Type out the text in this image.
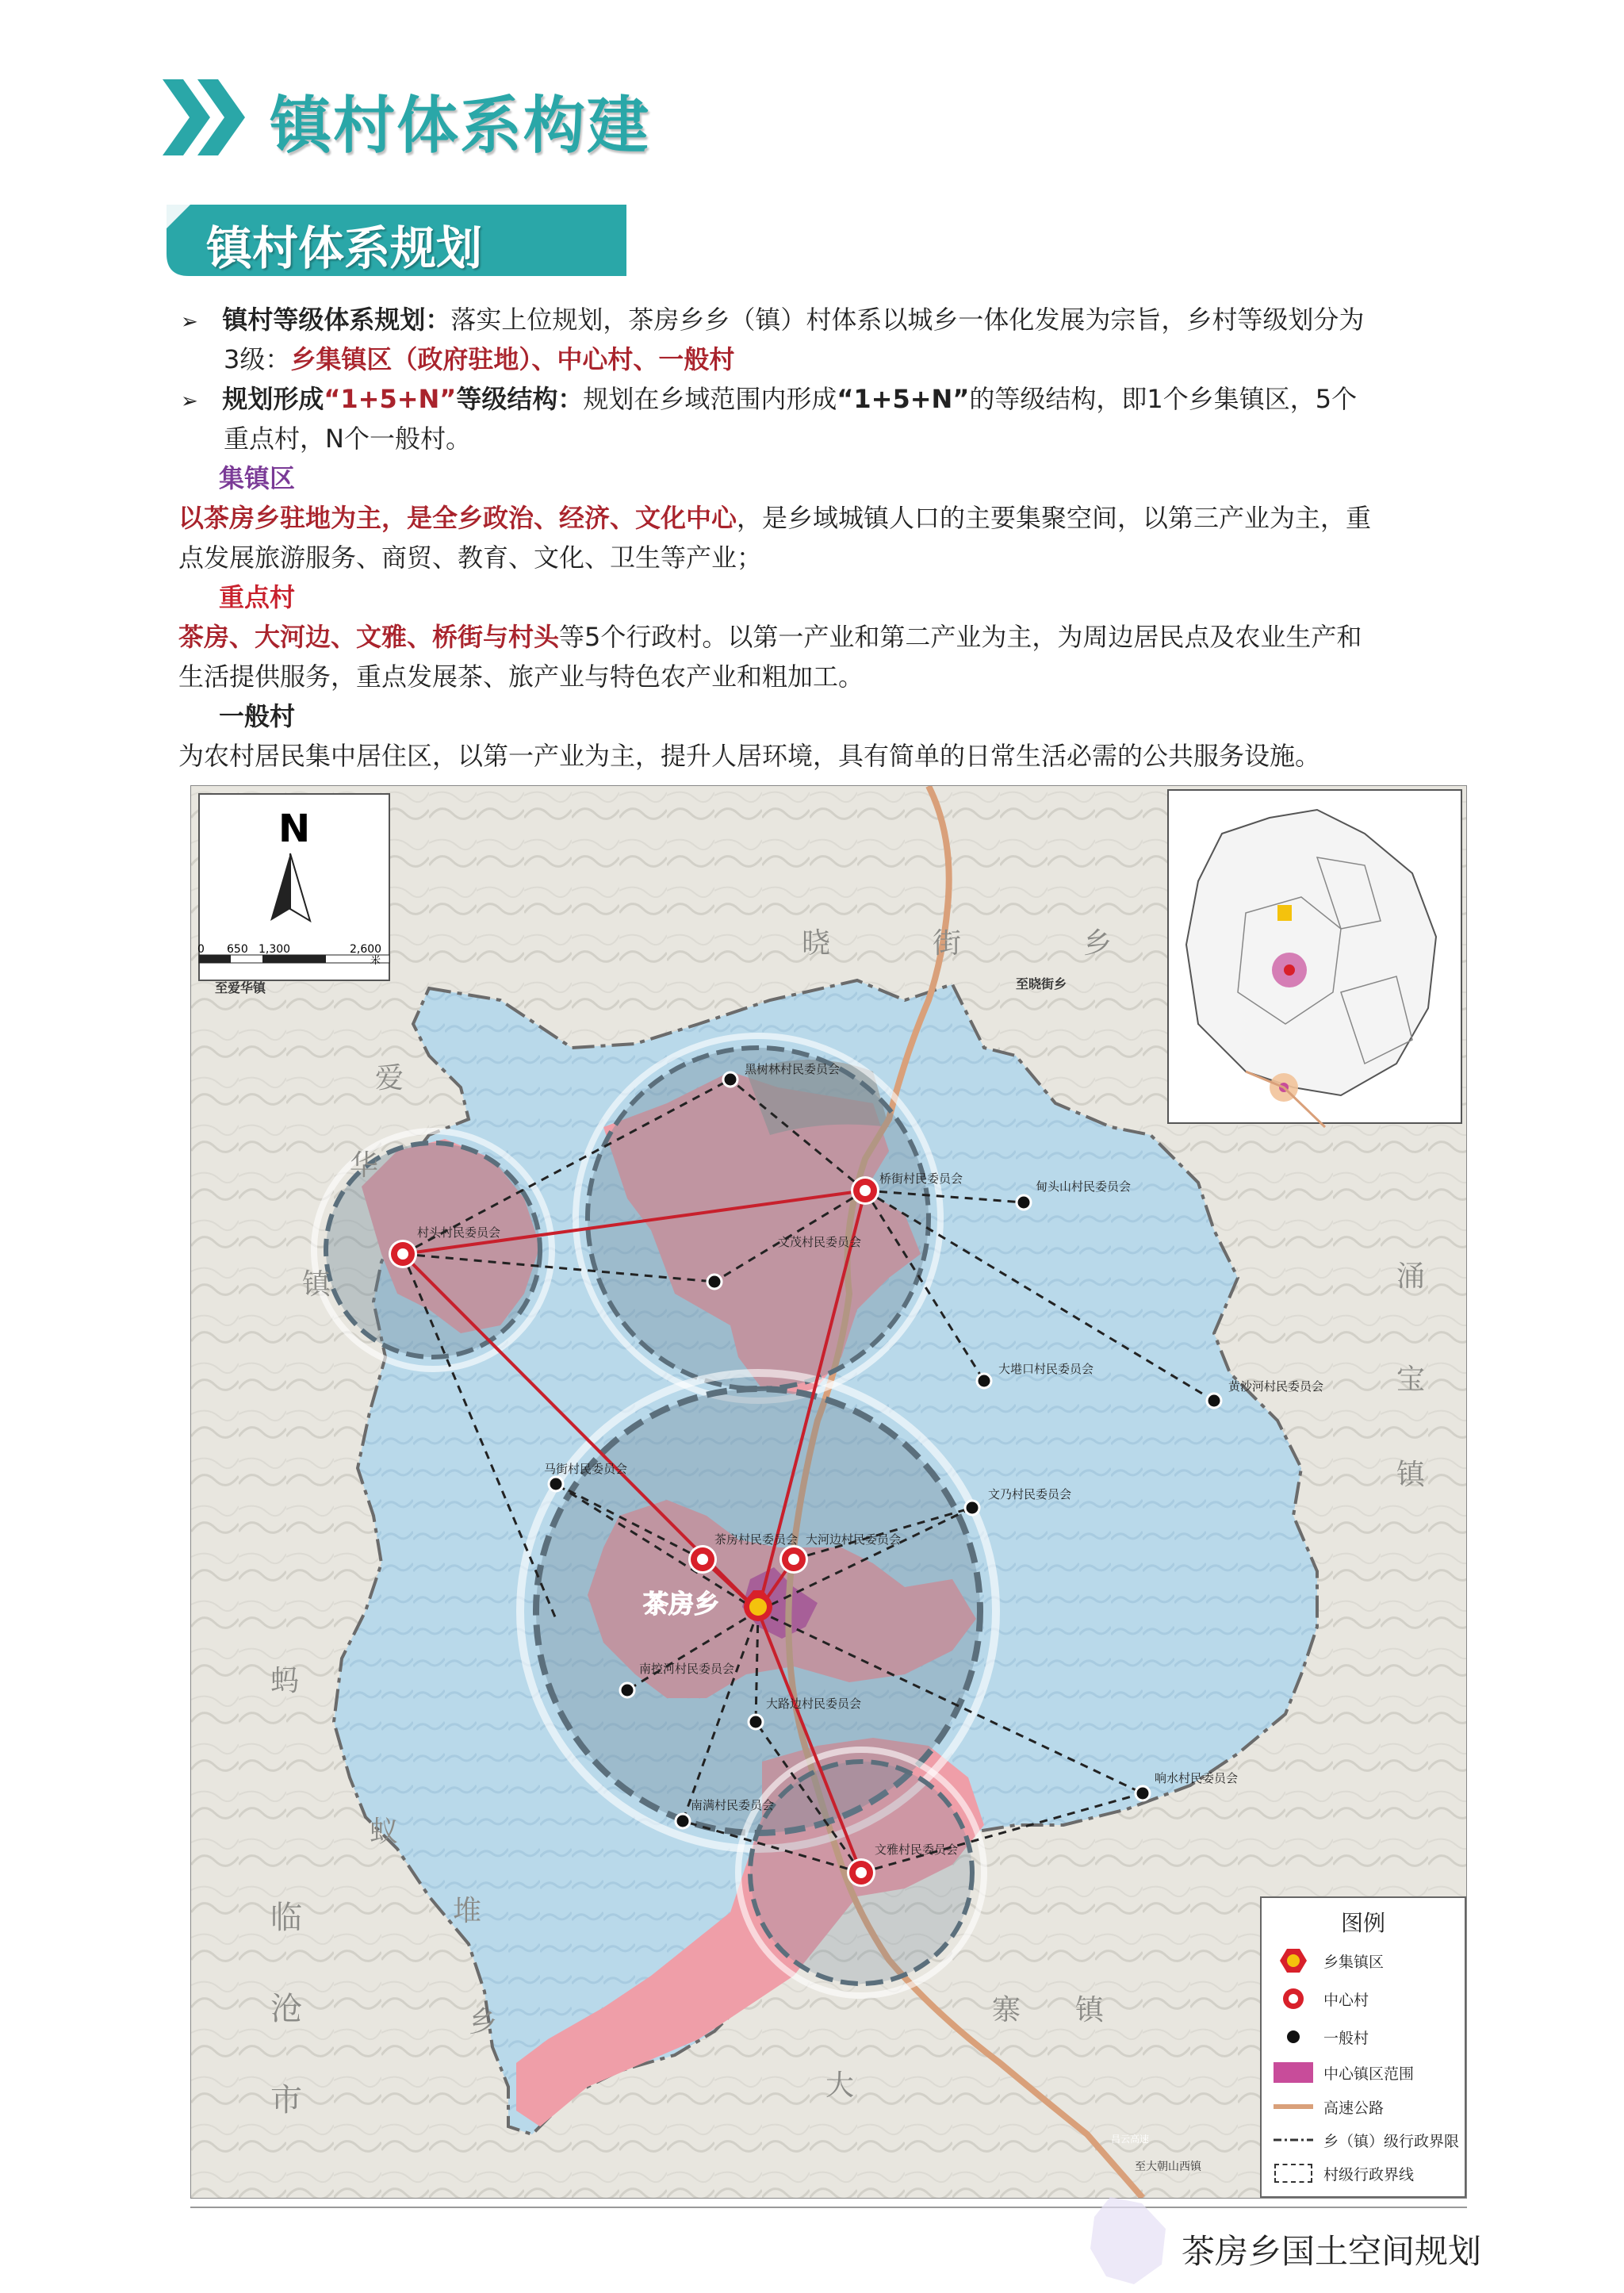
镇村体系构建
镇村体系规划
➢ 镇村等级体系规划：落实上位规划，茶房乡乡（镇）村体系以城乡一体化发展为宗旨，乡村等级划分为
3级：乡集镇区（政府驻地）、中心村、一般村
➢ 规划形成“1+5+N”等级结构：规划在乡域范围内形成“1+5+N”的等级结构，即1个乡集镇区，5个
重点村，N个一般村。
集镇区
以茶房乡驻地为主，是全乡政治、经济、文化中心，是乡域城镇人口的主要集聚空间，以第三产业为主，重
点发展旅游服务、商贸、教育、文化、卫生等产业；
重点村
茶房、大河边、文雅、桥街与村头等5个行政村。以第一产业和第二产业为主，为周边居民点及农业生产和
生活提供服务，重点发展茶、旅产业与特色农产业和粗加工。
一般村
为农村居民集中居住区，以第一产业为主，提升人居环境，具有简单的日常生活必需的公共服务设施。
N
0 650 1,300	2,600
米
至爱华镇
茶房乡
黑树林村民委员会
桥街村民委员会
村头村民委员会
文茂村民委员会
甸头山村民委员会
大塂口村民委员会
黄沙河村民委员会
马街村民委员会
文乃村民委员会
茶房村民委员会 大河边村民委员会
南控河村民委员会
大路边村民委员会
响水村民委员会
南满村民委员会
文雅村民委员会
至晓街乡
至大朝山西镇
昌云高速
晓	街	乡
爱
华
镇	涌
宝
镇
蚂
蚁
堆
乡
临
沧
市	大
寨 镇
图例
乡集镇区
中心村
一般村
中心镇区范围
高速公路
乡（镇）级行政界限
村级行政界线
茶房乡国土空间规划
